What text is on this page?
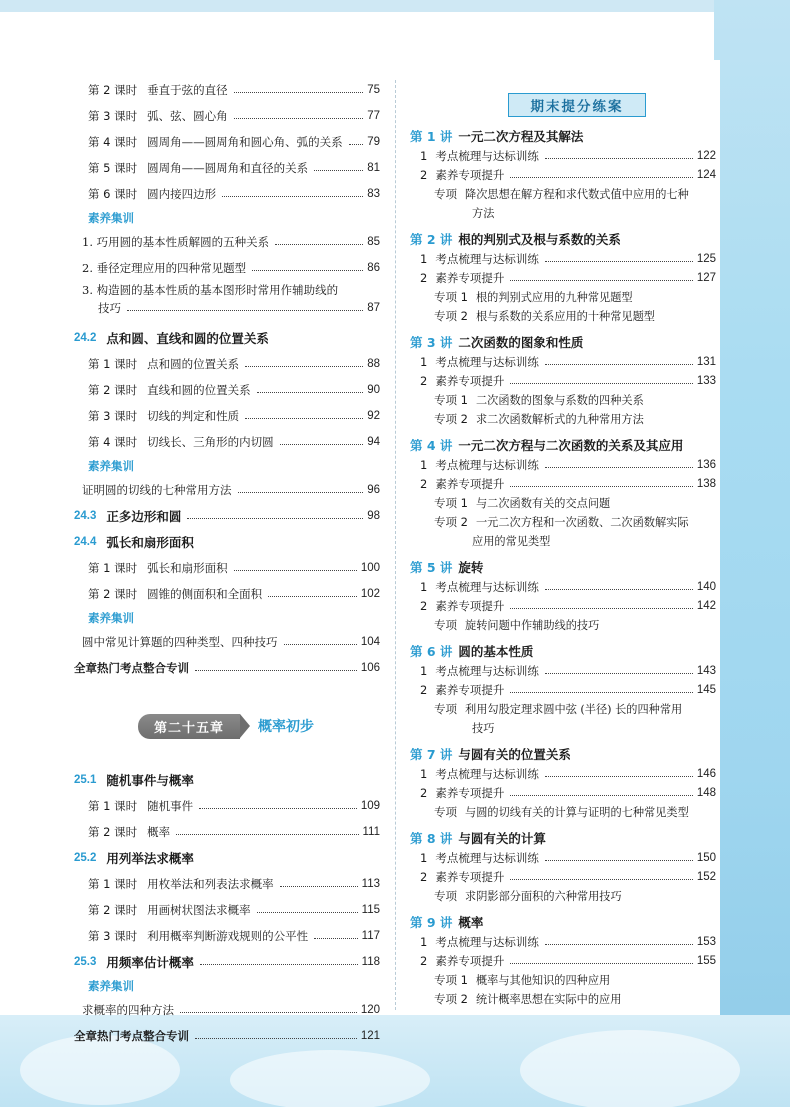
第 2 课时 垂直于弦的直径	75
第 3 课时 弧、弦、圆心角	77
第 4 课时 圆周角——圆周角和圆心角、弧的关系 79
第 5 课时 圆周角——圆周角和直径的关系	81
第 6 课时 圆内接四边形	83
素养集训
1. 巧用圆的基本性质解圆的五种关系	85
2. 垂径定理应用的四种常见题型	86
3. 构造圆的基本性质的基本图形时常用作辅助线的
技巧	87
24.2 点和圆、直线和圆的位置关系
第 1 课时 点和圆的位置关系	88
第 2 课时 直线和圆的位置关系	90
第 3 课时 切线的判定和性质	92
第 4 课时 切线长、三角形的内切圆	94
素养集训
证明圆的切线的七种常用方法	96
24.3 正多边形和圆	98
24.4 弧长和扇形面积
第 1 课时 弧长和扇形面积	100
第 2 课时 圆锥的侧面积和全面积	102
素养集训
圆中常见计算题的四种类型、四种技巧	104
全章热门考点整合专训	106
第二十五章	概率初步
25.1 随机事件与概率
第 1 课时 随机事件	109
第 2 课时 概率	111
25.2 用列举法求概率
第 1 课时 用枚举法和列表法求概率	113
第 2 课时 用画树状图法求概率	115
第 3 课时 利用概率判断游戏规则的公平性	117
25.3 用频率估计概率	118
素养集训
求概率的四种方法	120
全章热门考点整合专训	121
期末提分练案
第 1 讲 一元二次方程及其解法
1 考点梳理与达标训练	122
2 素养专项提升	124
专项 降次思想在解方程和求代数式值中应用的七种
方法
第 2 讲 根的判别式及根与系数的关系
1 考点梳理与达标训练	125
2 素养专项提升	127
专项 1 根的判别式应用的九种常见题型
专项 2 根与系数的关系应用的十种常见题型
第 3 讲 二次函数的图象和性质
1 考点梳理与达标训练	131
2 素养专项提升	133
专项 1 二次函数的图象与系数的四种关系
专项 2 求二次函数解析式的九种常用方法
第 4 讲 一元二次方程与二次函数的关系及其应用
1 考点梳理与达标训练	136
2 素养专项提升	138
专项 1 与二次函数有关的交点问题
专项 2 一元二次方程和一次函数、二次函数解实际
应用的常见类型
第 5 讲 旋转
1 考点梳理与达标训练	140
2 素养专项提升	142
专项 旋转问题中作辅助线的技巧
第 6 讲 圆的基本性质
1 考点梳理与达标训练	143
2 素养专项提升	145
专项 利用勾股定理求圆中弦 (半径) 长的四种常用
技巧
第 7 讲 与圆有关的位置关系
1 考点梳理与达标训练	146
2 素养专项提升	148
专项 与圆的切线有关的计算与证明的七种常见类型
第 8 讲 与圆有关的计算
1 考点梳理与达标训练	150
2 素养专项提升	152
专项 求阴影部分面积的六种常用技巧
第 9 讲 概率
1 考点梳理与达标训练	153
2 素养专项提升	155
专项 1 概率与其他知识的四种应用
专项 2 统计概率思想在实际中的应用
